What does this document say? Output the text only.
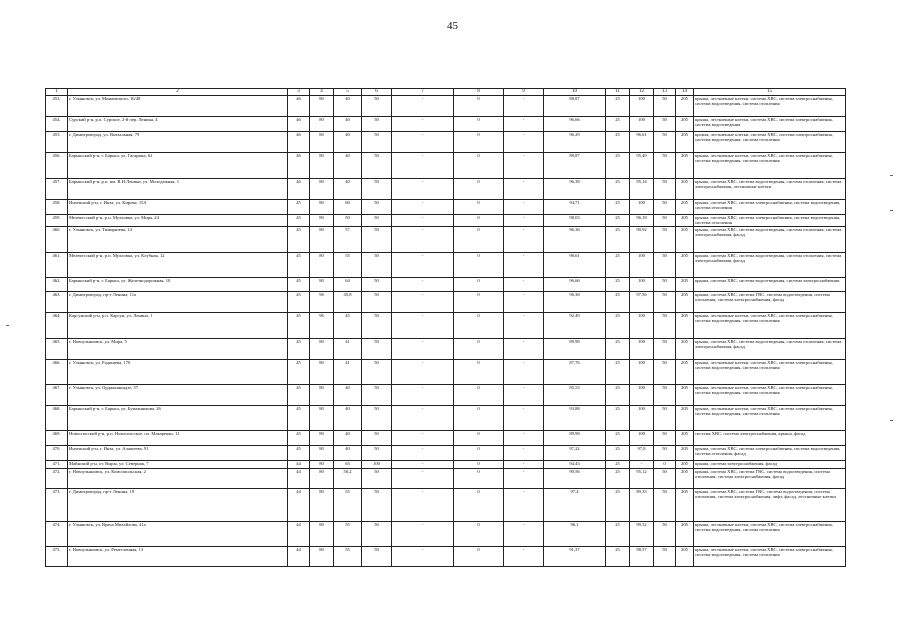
45
1	2	3	4	5	6	7	8	9	10	11	12	13	14	15
453.	г. Ульяновск, ул. Минаевского, 16/48	46	80	40	50	-	0	-	88,87	25	100	50	205	крыша, лестничные клетки, система ХВС, система электроснабжения, система водоотведения, система отопления
454.	Сурский р-н, р.п. Сурское, 2-й пер. Ленина, 4	46	80	40	50	-	0	-	96,66	25	100	50	205	крыша, лестничные клетки, система ХВС, система электроснабжения, система водоотведения
455.	г. Димитровград, ул. Вокзальная, 79	46	80	40	50	-	0	-	96,29	25	96,61	50	205	кровля, лестничные клетки, система ХВС, система электроснабжения, система водоотведения, система отопления
456.	Барышский р-н, г. Барыш, ул. Гагарина, 62	46	80	40	50	-	0	-	88,87	25	95,49	50	205	крыша, лестничные клетки, система ХВС, система электроснабжения, система водоотведения, система отопления
457.	Барышский р-н, р.п. им. В.И.Ленина, ул. Молодежная, 1	46	80	40	50	-	0	-	96,38	25	95,14	50	205	крыша, система ХВС, система водоотведения, система отопления, система электроснабжения, лестничные клетки
458.	Инзенский р-н, г. Инза, ул. Кирова, 15А	45	80	60	50	-	0	-	94,71	25	100	50	205	крыша, система ХВС, система электроснабжения, система водоотведения, система отопления
459.	Мелекесский р-н, р.п. Мулловка, ул. Мира, 24	45	80	50	50	-	0	-	98,03	25	96,18	50	205	крыша, система ХВС, система электроснабжения, система водоотведения, система отопления
460.	г. Ульяновск, ул. Тимирязева, 14	45	80	57	50	-	0	-	86,36	25	90,92	50	205	крыша, система ХВС, система водоотведения, система отопления, система электроснабжения, фасад
461.	Мелекесский р-н, р.п. Мулловка, ул. Клубная, 12	45	80	55	50	-	0	-	98,61	25	100	50	205	крыша, система ХВС, система водоотведения, система отопления, система электроснабжения, фасад
462.	Барышский р-н, г. Барыш, ул. Железнодорожная, 10	45	80	64	50	-	0	-	96,66	25	100	50	205	крыша, система ХВС, система водоотведения, система электроснабжения
463.	г. Димитровград, пр-т Ленина, 11а	45	96	45,8	50	-	0	-	96,38	25	97,56	50	205	крыша, система ХВС, система ГВС, система водоотведения, система отопления, система электроснабжения, фасад
464.	Карсунский р-н, р.п. Карсун, ул. Ленина, 1	45	96	45	50	-	0	-	92,49	25	100	50	205	крыша, лестничные клетки, система ХВС, система электроснабжения, система водоотведения, система отопления
465.	г. Новоульяновск, ул. Мира, 5	45	80	41	50	-	0	-	89,98	25	100	50	205	крыша, система ХВС, система водоотведения, система отопления, система электроснабжения, фасад
466.	г. Ульяновск, ул. Радищева, 170	45	80	41	50	-	0	-	87,76	25	100	50	205	крыша, лестничные клетки, система ХВС, система электроснабжения, система водоотведения, система отопления
467.	г. Ульяновск, ул. Орджоникидзе, 57	45	80	40	50	-	0	-	85,53	25	100	50	205	крыша, лестничные клетки, система ХВС, система электроснабжения, система водоотведения, система отопления
468.	Барышский р-н, г. Барыш, ул. Бумажникова, 26	45	80	40	50	-	0	-	93,88	25	100	50	205	крыша, лестничные клетки, система ХВС, система электроснабжения, система водоотведения, система отопления
469.	Новоспасский р-н, р.п. Новоспасское, пл. Макаренко, 11	45	80	40	50	-	0	-	89,98	25	100	50	205	система ХВС, система электроснабжения, крыша, фасад
470.	Инзенский р-н, г. Инза, ул. Алашеева, 91	45	80	40	50	-	0	-	97,22	25	97,8	50	205	крыша, система ХВС, система электроснабжения, система водоотведения, система отопления, фасад
471.	Майнский р-н, от. Выры, ул. Северная, 7	44	80	65	100	-	0	-	94,43	25	-	0	205	крыша, система электроснабжения, фасад
472.	г. Новоульяновск, ул. Комсомольская, 2	44	80	50,2	50	-	0	-	90,56	25	95,12	50	205	крыша, система ХВС, система ГВС, система водоотведения, система отопления, система электроснабжения, фасад
473.	г. Димитровград, пр-т Ленина, 19	44	80	55	50	-	0	-	97,4	25	89,33	50	205	крыша, система ХВС, система ГВС, система водоотведения, система отопления, система электроснабжения, лифт, фасад, лестничные клетки
474.	г. Ульяновск, ул. Врача Михайлова, 41а	44	80	55	50	-	0	-	96,1	25	99,32	50	205	крыша, лестничные клетки, система ХВС, система электроснабжения, система водоотведения, система отопления
475.	г. Новоульяновск, ул. Ремесленная, 13	44	80	55	50	-	0	-	91,37	25	98,57	50	205	крыша, лестничные клетки, система ХВС, система электроснабжения, система водоотведения, система отопления
